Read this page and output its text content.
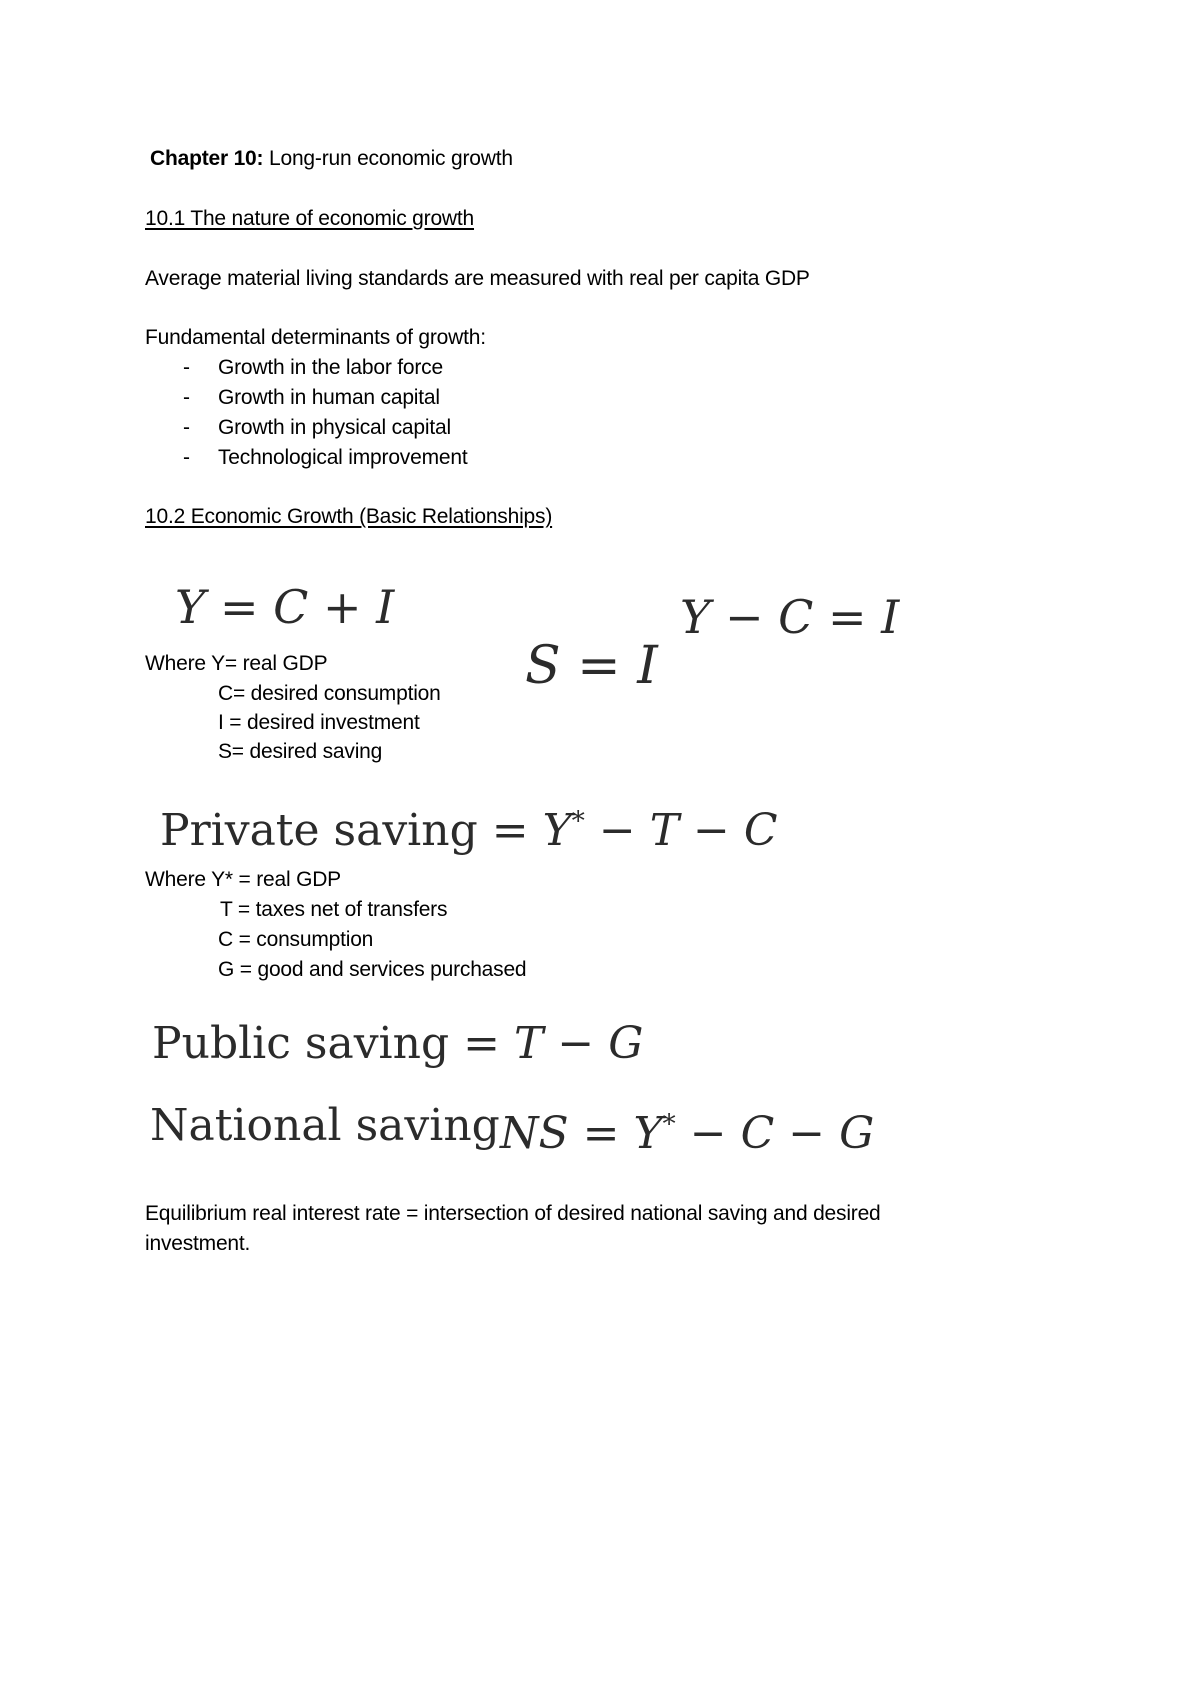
Chapter 10: Long-run economic growth
10.1 The nature of economic growth
Average material living standards are measured with real per capita GDP
Fundamental determinants of growth:
- Growth in the labor force
- Growth in human capital
- Growth in physical capital
- Technological improvement
10.2 Economic Growth (Basic Relationships)
Y = C + I	Y − C = I
S = I
Where Y= real GDP
C= desired consumption
I = desired investment
S= desired saving
Private saving = Y* − T − C
Where Y* = real GDP
T = taxes net of transfers
C = consumption
G = good and services purchased
Public saving = T − G
National saving NS = Y* − C − G
Equilibrium real interest rate = intersection of desired national saving and desired
investment.
